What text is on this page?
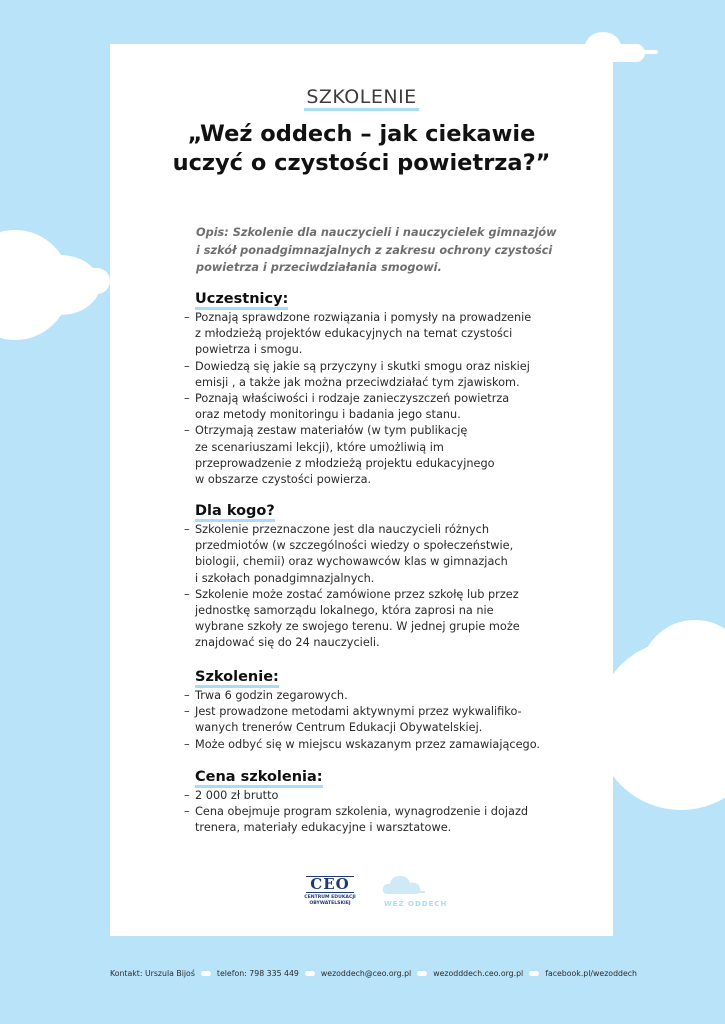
SZKOLENIE
„Weź oddech – jak ciekawie
uczyć o czystości powietrza?”
Opis: Szkolenie dla nauczycieli i nauczycielek gimnazjów
i szkół ponadgimnazjalnych z zakresu ochrony czystości
powietrza i przeciwdziałania smogowi.
Uczestnicy:
– Poznają sprawdzone rozwiązania i pomysły na prowadzenie
z młodzieżą projektów edukacyjnych na temat czystości
powietrza i smogu.
– Dowiedzą się jakie są przyczyny i skutki smogu oraz niskiej
emisji , a także jak można przeciwdziałać tym zjawiskom.
– Poznają właściwości i rodzaje zanieczyszczeń powietrza
oraz metody monitoringu i badania jego stanu.
– Otrzymają zestaw materiałów (w tym publikację
ze scenariuszami lekcji), które umożliwią im
przeprowadzenie z młodzieżą projektu edukacyjnego
w obszarze czystości powierza.
Dla kogo?
– Szkolenie przeznaczone jest dla nauczycieli różnych
przedmiotów (w szczególności wiedzy o społeczeństwie,
biologii, chemii) oraz wychowawców klas w gimnazjach
i szkołach ponadgimnazjalnych.
– Szkolenie może zostać zamówione przez szkołę lub przez
jednostkę samorządu lokalnego, która zaprosi na nie
wybrane szkoły ze swojego terenu. W jednej grupie może
znajdować się do 24 nauczycieli.
Szkolenie:
– Trwa 6 godzin zegarowych.
– Jest prowadzone metodami aktywnymi przez wykwalifiko-
wanych trenerów Centrum Edukacji Obywatelskiej.
– Może odbyć się w miejscu wskazanym przez zamawiającego.
Cena szkolenia:
– 2 000 zł brutto
– Cena obejmuje program szkolenia, wynagrodzenie i dojazd
trenera, materiały edukacyjne i warsztatowe.
CEO
CENTRUM EDUKACJI
OBYWATELSKIEJ	WEŹ ODDECH
Kontakt: Urszula Bijoś	telefon: 798 335 449	wezoddech@ceo.org.pl	wezodddech.ceo.org.pl	facebook.pl/wezoddech
